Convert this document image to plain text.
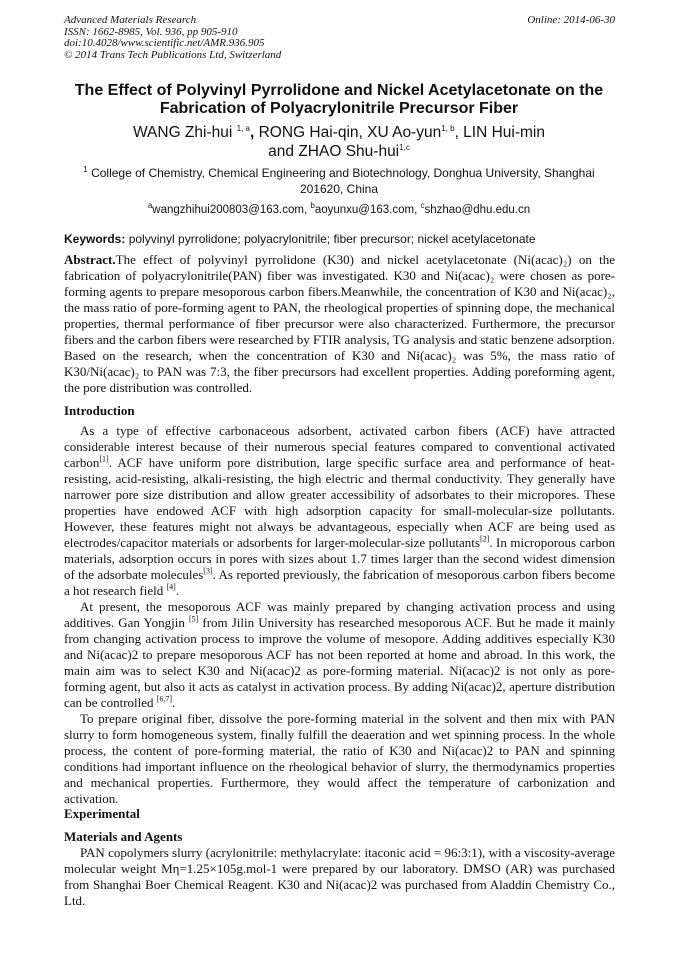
Advanced Materials Research
ISSN: 1662-8985, Vol. 936, pp 905-910
doi:10.4028/www.scientific.net/AMR.936.905
© 2014 Trans Tech Publications Ltd, Switzerland
Online: 2014-06-30
The Effect of Polyvinyl Pyrrolidone and Nickel Acetylacetonate on the
Fabrication of Polyacrylonitrile Precursor Fiber
WANG Zhi-hui $^{1, a}$, RONG Hai-qin, XU Ao-yun$^{1, b}$, LIN Hui-min
and ZHAO Shu-hui$^{1,c}$
$^1$ College of Chemistry, Chemical Engineering and Biotechnology, Donghua University, Shanghai
201620, China
$^a$wangzhihui200803@163.com, $^b$aoyunxu@163.com, $^c$shzhao@dhu.edu.cn
Keywords: polyvinyl pyrrolidone; polyacrylonitrile; fiber precursor; nickel acetylacetonate

Abstract.The effect of polyvinyl pyrrolidone (K30) and nickel acetylacetonate (Ni(acac)₂) on the fabrication of polyacrylonitrile(PAN) fiber was investigated. K30 and Ni(acac)₂ were chosen as pore-forming agents to prepare mesoporous carbon fibers.Meanwhile, the concentration of K30 and Ni(acac)₂, the mass ratio of pore-forming agent to PAN, the rheological properties of spinning dope, the mechanical properties, thermal performance of fiber precursor were also characterized. Furthermore, the precursor fibers and the carbon fibers were researched by FTIR analysis, TG analysis and static benzene adsorption. Based on the research, when the concentration of K30 and Ni(acac)₂ was 5%, the mass ratio of K30/Ni(acac)₂ to PAN was 7:3, the fiber precursors had excellent properties. Adding poreforming agent, the pore distribution was controlled.

Introduction

As a type of effective carbonaceous adsorbent, activated carbon fibers (ACF) have attracted considerable interest because of their numerous special features compared to conventional activated carbon[1]. ACF have uniform pore distribution, large specific surface area and performance of heat-resisting, acid-resisting, alkali-resisting, the high electric and thermal conductivity. They generally have narrower pore size distribution and allow greater accessibility of adsorbates to their micropores. These properties have endowed ACF with high adsorption capacity for small-molecular-size pollutants. However, these features might not always be advantageous, especially when ACF are being used as electrodes/capacitor materials or adsorbents for larger-molecular-size pollutants[2]. In microporous carbon materials, adsorption occurs in pores with sizes about 1.7 times larger than the second widest dimension of the adsorbate molecules[3]. As reported previously, the fabrication of mesoporous carbon fibers become a hot research field [4].

At present, the mesoporous ACF was mainly prepared by changing activation process and using additives. Gan Yongjin [5] from Jilin University has researched mesoporous ACF. But he made it mainly from changing activation process to improve the volume of mesopore. Adding additives especially K30 and Ni(acac)2 to prepare mesoporous ACF has not been reported at home and abroad. In this work, the main aim was to select K30 and Ni(acac)2 as pore-forming material. Ni(acac)2 is not only as pore-forming agent, but also it acts as catalyst in activation process. By adding Ni(acac)2, aperture distribution can be controlled [6,7].

To prepare original fiber, dissolve the pore-forming material in the solvent and then mix with PAN slurry to form homogeneous system, finally fulfill the deaeration and wet spinning process. In the whole process, the content of pore-forming material, the ratio of K30 and Ni(acac)2 to PAN and spinning conditions had important influence on the rheological behavior of slurry, the thermodynamics properties and mechanical properties. Furthermore, they would affect the temperature of carbonization and activation.

Experimental

Materials and Agents

PAN copolymers slurry (acrylonitrile: methylacrylate: itaconic acid = 96:3:1), with a viscosity-average molecular weight Mη=1.25×105g.mol-1 were prepared by our laboratory. DMSO (AR) was purchased from Shanghai Boer Chemical Reagent. K30 and Ni(acac)2 was purchased from Aladdin Chemistry Co., Ltd.
